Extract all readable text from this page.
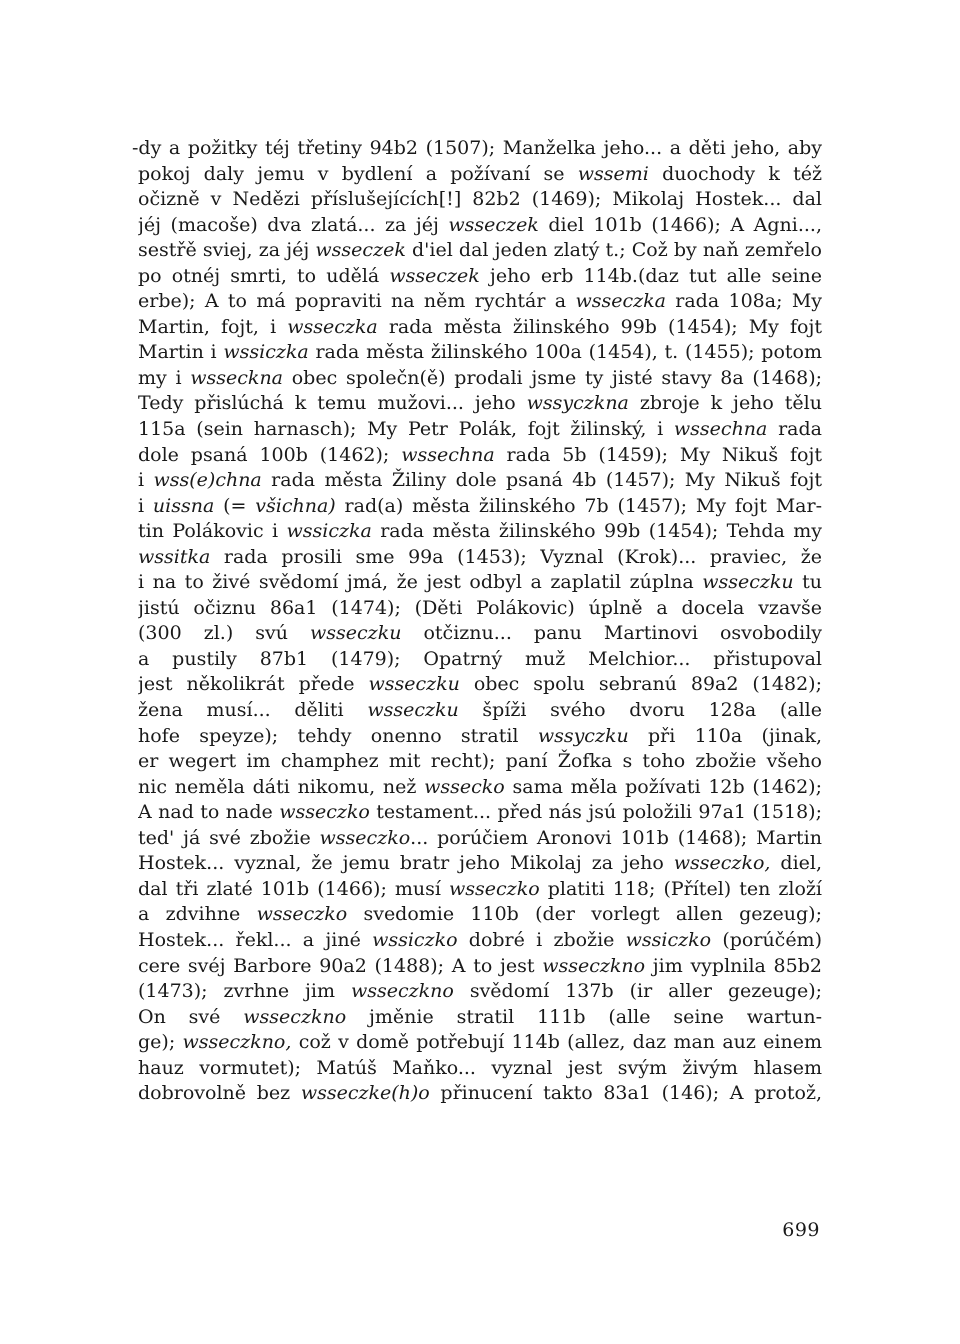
-dy a požitky téj třetiny 94b2 (1507); Manželka jeho... a děti jeho, aby
pokoj daly jemu v bydlení a požívaní se wssemi duochody k též
očizně v Nedězi příslušejících[!] 82b2 (1469); Mikolaj Hostek... dal
jéj (macoše) dva zlatá... za jéj wsseczek diel 101b (1466); A Agni...,
sestřě sviej, za jéj wsseczek d'iel dal jeden zlatý t.; Což by naň zemřelo
po otnéj smrti, to udělá wsseczek jeho erb 114b.(daz tut alle seine
erbe); A to má popraviti na něm rychtár a wsseczka rada 108a; My
Martin, fojt, i wsseczka rada města žilinského 99b (1454); My fojt
Martin i wssiczka rada města žilinského 100a (1454), t. (1455); potom
my i wsseckna obec společn(ě) prodali jsme ty jisté stavy 8a (1468);
Tedy přislúchá k temu mužovi... jeho wssyczkna zbroje k jeho tělu
115a (sein harnasch); My Petr Polák, fojt žilinský, i wssechna rada
dole psaná 100b (1462); wssechna rada 5b (1459); My Nikuš fojt
i wss(e)chna rada města Žiliny dole psaná 4b (1457); My Nikuš fojt
i uissna (= všichna) rad(a) města žilinského 7b (1457); My fojt Mar-
tin Polákovic i wssiczka rada města žilinského 99b (1454); Tehda my
wssitka rada prosili sme 99a (1453); Vyznal (Krok)... praviec, že
i na to živé svědomí jmá, že jest odbyl a zaplatil zúplna wsseczku tu
jistú očiznu 86a1 (1474); (Děti Polákovic) úplně a docela vzavše
(300 zl.) svú wsseczku otčiznu... panu Martinovi osvobodily
a pustily 87b1 (1479); Opatrný muž Melchior... přistupoval
jest několikrát přede wsseczku obec spolu sebranú 89a2 (1482);
žena musí... děliti wsseczku špíži svého dvoru 128a (alle
hofe speyze); tehdy onenno stratil wssyczku při 110a (jinak,
er wegert im champhez mit recht); paní Žofka s toho zbožie všeho
nic neměla dáti nikomu, než wssecko sama měla požívati 12b (1462);
A nad to nade wsseczko testament... před nás jsú položili 97a1 (1518);
ted' já své zbožie wsseczko... porúčiem Aronovi 101b (1468); Martin
Hostek... vyznal, že jemu bratr jeho Mikolaj za jeho wsseczko, diel,
dal tři zlaté 101b (1466); musí wsseczko platiti 118; (Přítel) ten zloží
a zdvihne wsseczko svedomie 110b (der vorlegt allen gezeug);
Hostek... řekl... a jiné wssiczko dobré i zbožie wssiczko (porúčém)
cere svéj Barbore 90a2 (1488); A to jest wsseczkno jim vyplnila 85b2
(1473); zvrhne jim wsseczkno svědomí 137b (ir aller gezeuge);
On své wsseczkno jměnie stratil 111b (alle seine wartun-
ge); wsseczkno, což v domě potřebují 114b (allez, daz man auz einem
hauz vormutet); Matúš Maňko... vyznal jest svým živým hlasem
dobrovolně bez wsseczke(h)o přinucení takto 83a1 (146); A protož,
699
